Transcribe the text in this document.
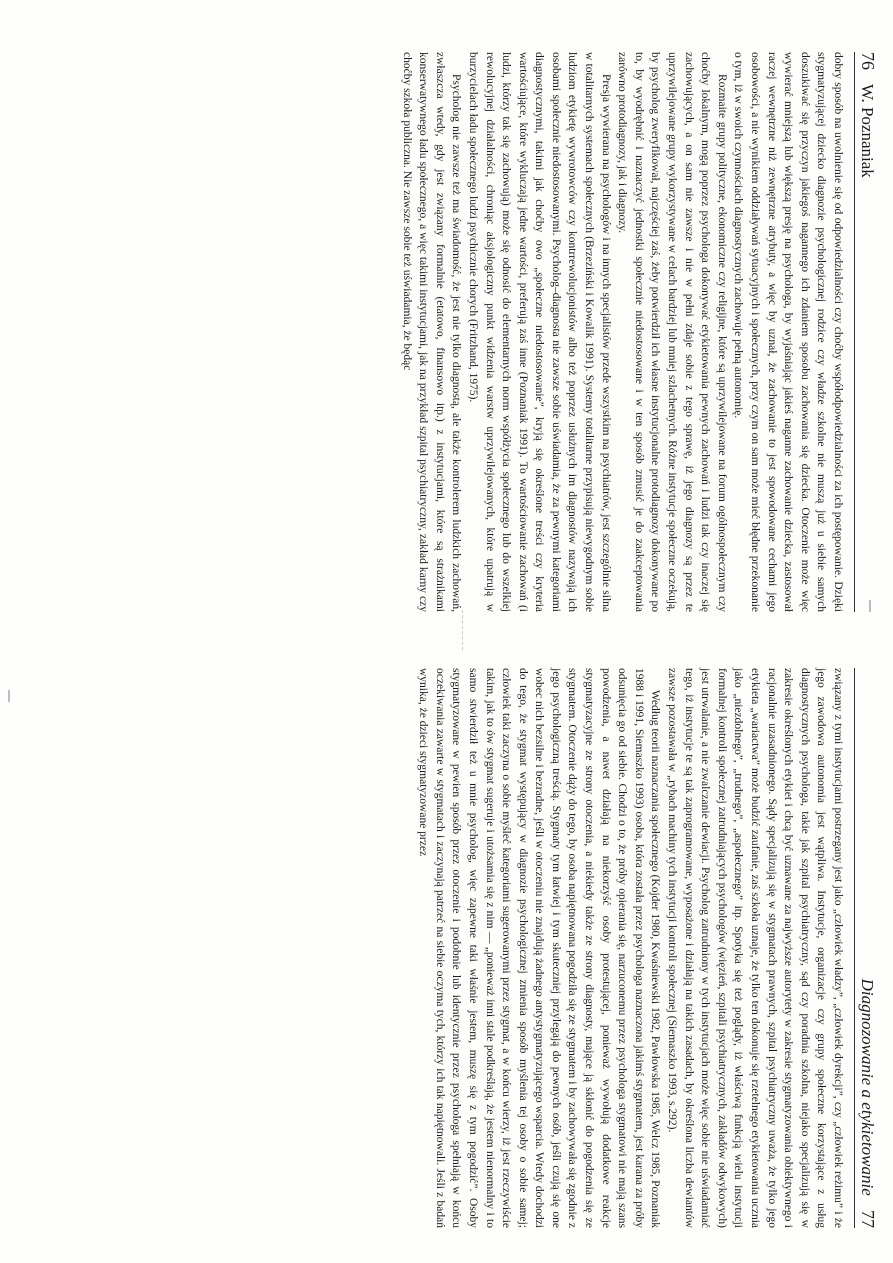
76 W. Poznaniak

dobry sposób na uwolnienie się od odpowiedzialności czy choćby współodpowiedzialności za ich postępowanie. Dzięki stygmatyzującej dziecko diagnozie psychologicznej rodzice czy władze szkolne nie muszą już u siebie samych doszukiwać się przyczyn jakiegoś nagannego ich zdaniem sposobu zachowania się dziecka. Otoczenie może więc wywierać mniejszą lub większą presję na psychologa, by wyjaśniając jakieś naganne zachowanie dziecka, zastosował raczej wewnętrzne niż zewnętrzne atrybuty, a więc by uznał, że zachowanie to jest spowodowane cechami jego osobowości, a nie wynikiem oddziaływań sytuacyjnych i społecznych, przy czym on sam może mieć błędne przekonanie o tym, iż w swoich czynnościach diagnostycznych zachowuje pełną autonomię.

Rozmaite grupy polityczne, ekonomiczne czy religijne, które są uprzywilejowane na forum ogólnospołecznym czy choćby lokalnym, mogą poprzez psychologa dokonywać etykietowania pewnych zachowań i ludzi tak czy inaczej się zachowujących, a on sam nie zawsze i nie w pełni zdaje sobie z tego sprawę, iż jego diagnozy są przez te uprzywilejowane grupy wykorzystywane w celach bardziej lub mniej szlachetnych. Różne instytucje społeczne oczekują, by psycholog zweryfikował, najczęściej zaś, żeby potwierdził ich własne instytucjonalne protodiagnozy dokonywane po to, by wyodrębnić i naznaczyć jednostki społecznie niedostosowane i w ten sposób zmusić je do zaakceptowania zarówno protodiagnozy, jak i diagnozy.

Presja wywierana na psychologów i na innych specjalistów przede wszystkim na psychiatrów, jest szczególnie silna w totalitarnych systemach społecznych (Brzeziński i Kowalik 1991). Systemy totalitarne przypisują niewygodnym sobie ludziom etykietę wywrotowców czy kontrrewolucjonistów albo też poprzez usłużnych im diagnostów nazywają ich osobami społecznie niedostosowanymi. Psycholog–diagnosta nie zawsze sobie uświadamia, że za pewnymi kategoriami diagnostycznymi, takimi jak choćby owo „społeczne niedostosowanie”, kryją się określone treści czy kryteria wartościujące, które wykluczają jedne wartości, preferują zaś inne (Poznaniak 1991). To wartościowanie zachowań (i ludzi, którzy tak się zachowują) może się odnosić do elementarnych norm współżycia społecznego lub do wszelkiej rewolucyjnej działalności, chroniąc aksjologiczny punkt widzenia warstw uprzywilejowanych, które upatrują w burzycielach ładu społecznego ludzi psychicznie chorych (Fritzhand, 1975).

Psycholog nie zawsze też ma świadomość, że jest nie tylko diagnostą, ale także kontrolerem ludzkich zachowań, zwłaszcza wtedy, gdy jest związany formalnie (etatowo, finansowo itp.) z instytucjami, które są strażnikami konserwatywnego ładu społecznego, a więc takimi instytucjami, jak na przykład szpital psychiatryczny, zakład karny czy choćby szkoła publiczna. Nie zawsze sobie też uświadamia, że będąc

Diagnozowanie a etykietowanie 77

związany z tymi instytucjami postrzegany jest jako „człowiek władzy”, „człowiek dyrekcji”, czy „człowiek reżimu” i że jego zawodowa autonomia jest wątpliwa. Instytucje, organizacje czy grupy społeczne korzystające z usług diagnostycznych psychologa, takie jak szpital psychiatryczny, sąd czy poradnia szkolna, niejako specjalizują się w zakresie określonych etykiet i chcą być uznawane za najwyższe autorytety w zakresie stygmatyzowania obiektywnego i racjonalnie uzasadnionego. Sądy specjalizują się w stygmatach prawnych, szpital psychiatryczny uważa, że tylko jego etykieta „wariactwa” może budzić zaufanie, zaś szkoła uznaje, że tylko ten dokonuje się rzetelnego etykietowania ucznia jako „niezdolnego”, „trudnego”, „aspołecznego” itp. Spotyka się też poglądy, iż właściwą funkcją wielu instytucji formalnej kontroli społecznej zatrudniających psychologów (więzień, szpitali psychiatrycznych, zakładów odwykowych) jest utrwalanie, a nie zwalczanie dewiacji. Psycholog zatrudniony w tych instytucjach może więc sobie nie uświadamiać tego, iż instytucje te są tak zaprogramowane, wyposażone i działają na takich zasadach, by określona liczba dewiantów zawsze pozostawała w „rybach machiny tych instytucji kontroli społecznej (Siemaszko 1993, s.292).

Według teorii naznaczania społecznego (Kojder 1980, Kwaśniewski 1982, Pawłowska 1985, Welcz 1985, Poznaniak 1988 i 1991, Siemaszko 1993) osoba, która została przez psychologa naznaczona jakimś stygmatem, jest karana za próby odsunięcia go od siebie. Chodzi o to, że próby opierania się, narzuconemu przez psychologa stygmatowi nie mają szans powodzenia, a nawet działają na niekorzyść osoby protestującej, ponieważ wywołują dodatkowe reakcje stygmatyzacyjne ze strony otoczenia, a niekiedy także ze strony diagnosty, mające ją skłonić do pogodzenia się ze stygmatem. Otoczenie dąży do tego, by osoba napiętnowana pogodziła się ze stygmatem i by zachowywała się zgodnie z jego psychologiczną treścią. Stygmaty tym łatwiej i tym skuteczniej przylegają do pewnych osób, jeśli czują się one wobec nich bezsilne i bezradne, jeśli w otoczeniu nie znajdują żadnego antystygmatyzującego wsparcia. Wtedy dochodzi do tego, że stygmat występujący w diagnozie psychologicznej zmienia sposób myślenia tej osoby o sobie samej; człowiek taki zaczyna o sobie myśleć kategoriami sugerowanymi przez stygmat, a w końcu wierzy, iż jest rzeczywiście takim, jak to ów stygmat sugeruje i utożsamia się z nim — „ponieważ inni stale podkreślają, że jestem nienormalny i to samo stwierdził też u mnie psycholog, więc zapewne taki właśnie jestem, muszę się z tym pogodzić”. Osoby stygmatyzowane w pewien sposób przez otoczenie i podobnie lub identycznie przez psychologa spełniają w końcu oczekiwania zawarte w stygmatach i zaczynają patrzeć na siebie oczyma tych, którzy ich tak napiętnowali. Jeśli z badań wynika, że dzieci stygmatyzowane przez
